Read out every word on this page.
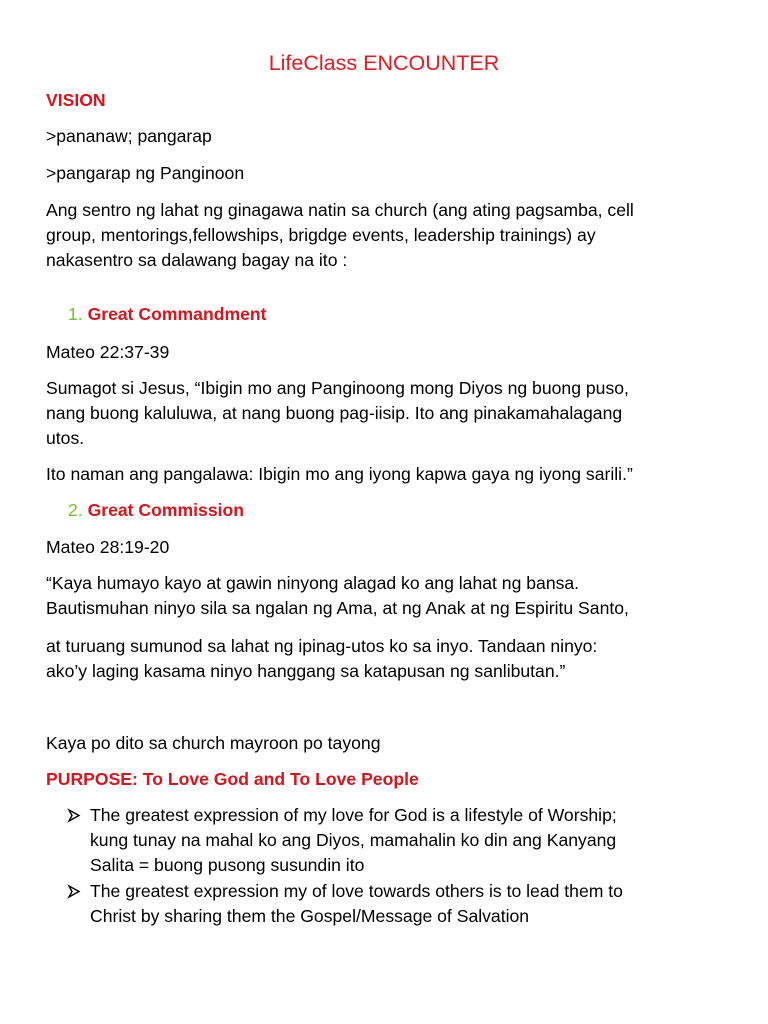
LifeClass ENCOUNTER

VISION

>pananaw; pangarap

>pangarap ng Panginoon

Ang sentro ng lahat ng ginagawa natin sa church (ang ating pagsamba, cell
group, mentorings,fellowships, brigdge events, leadership trainings) ay
nakasentro sa dalawang bagay na ito :

1. Great Commandment

Mateo 22:37-39

Sumagot si Jesus, “Ibigin mo ang Panginoong mong Diyos ng buong puso,
nang buong kaluluwa, at nang buong pag-iisip. Ito ang pinakamahalagang
utos.

Ito naman ang pangalawa: Ibigin mo ang iyong kapwa gaya ng iyong sarili.”

2. Great Commission

Mateo 28:19-20

“Kaya humayo kayo at gawin ninyong alagad ko ang lahat ng bansa.
Bautismuhan ninyo sila sa ngalan ng Ama, at ng Anak at ng Espiritu Santo,
at turuang sumunod sa lahat ng ipinag-utos ko sa inyo. Tandaan ninyo:
ako’y laging kasama ninyo hanggang sa katapusan ng sanlibutan.”

Kaya po dito sa church mayroon po tayong

PURPOSE: To Love God and To Love People

The greatest expression of my love for God is a lifestyle of Worship;
kung tunay na mahal ko ang Diyos, mamahalin ko din ang Kanyang
Salita = buong pusong susundin ito
The greatest expression my of love towards others is to lead them to
Christ by sharing them the Gospel/Message of Salvation
